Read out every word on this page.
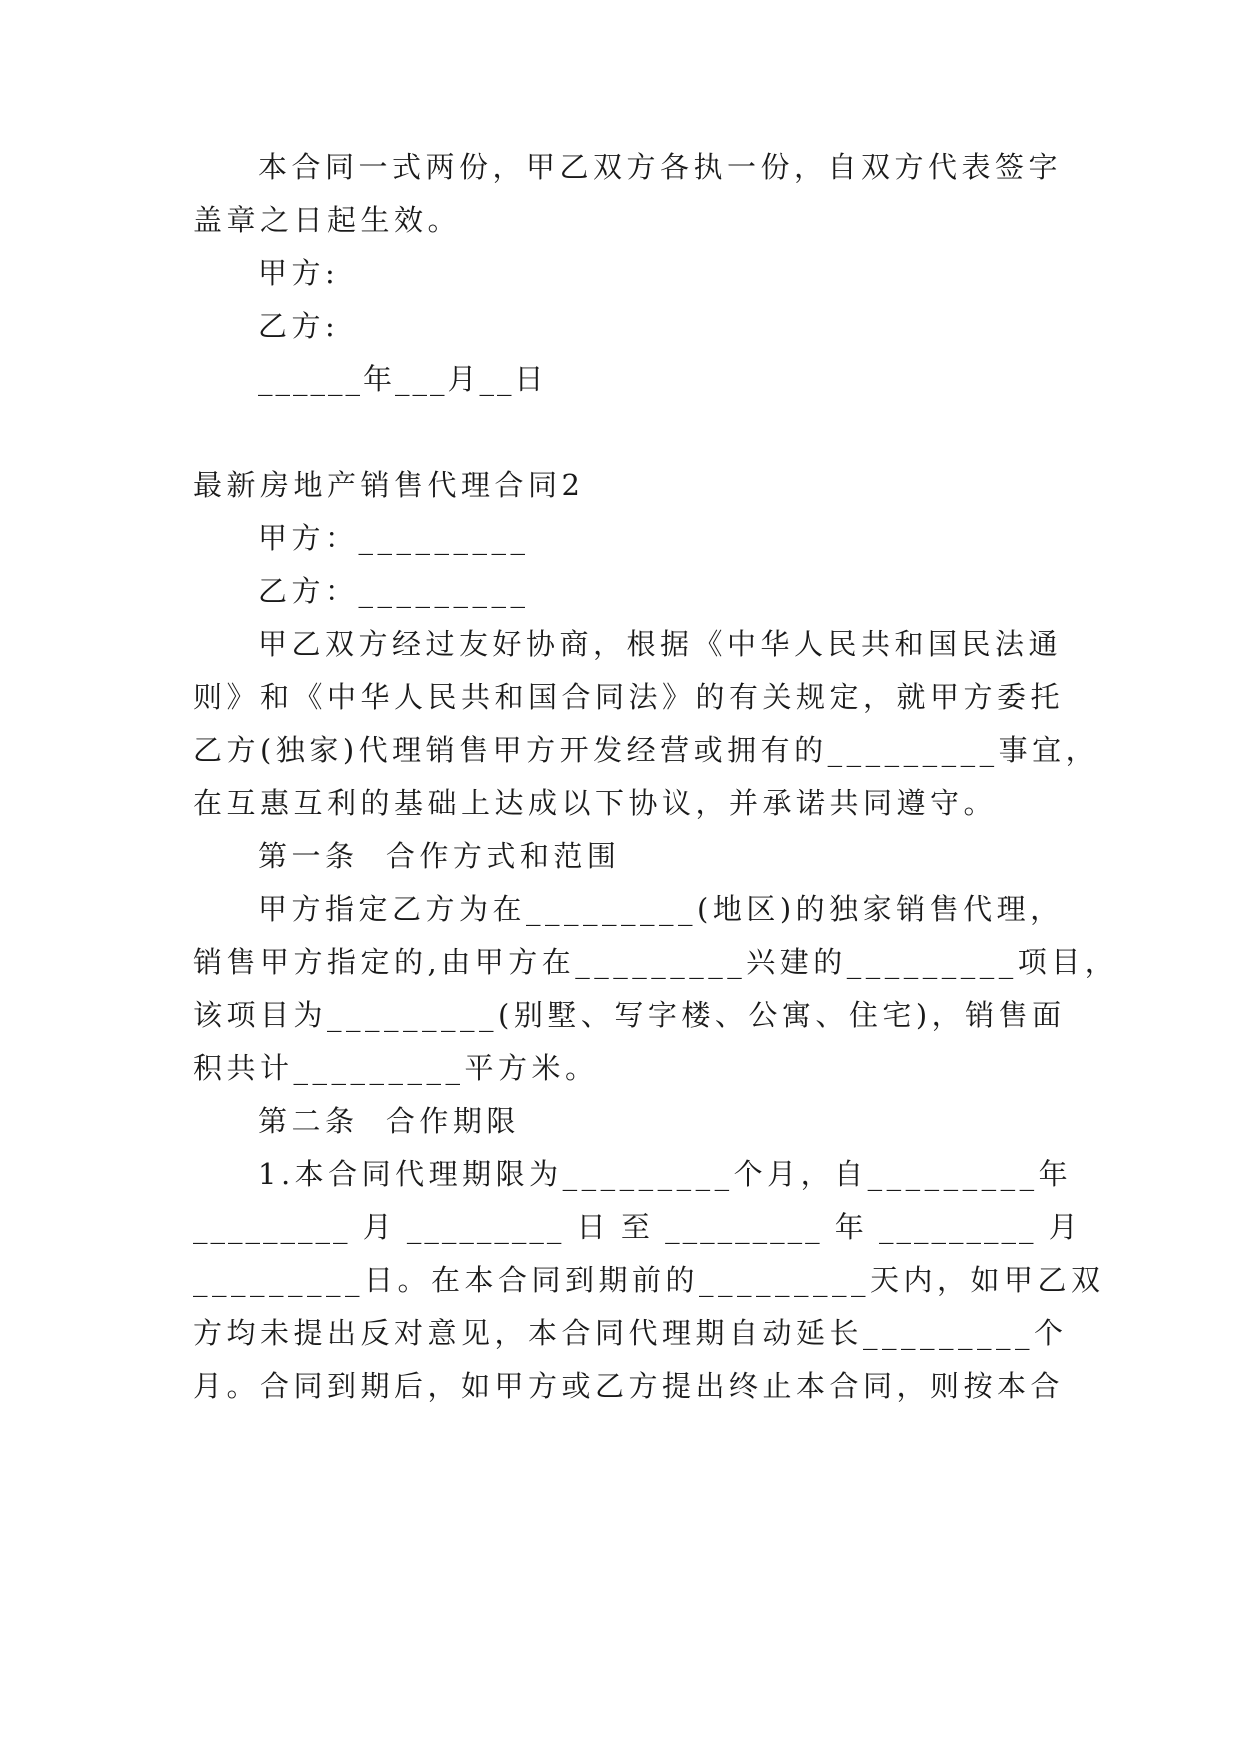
本合同一式两份，甲乙双方各执一份，自双方代表签字
盖章之日起生效。
甲方:
乙方:
______年___月__日
最新房地产销售代理合同2
甲方：_________
乙方：_________
甲乙双方经过友好协商，根据《中华人民共和国民法通
则》和《中华人民共和国合同法》的有关规定，就甲方委托
乙方(独家)代理销售甲方开发经营或拥有的_________事宜，
在互惠互利的基础上达成以下协议，并承诺共同遵守。
第一条  合作方式和范围
甲方指定乙方为在_________(地区)的独家销售代理，
销售甲方指定的,由甲方在_________兴建的_________项目，
该项目为_________(别墅、写字楼、公寓、住宅)，销售面
积共计_________平方米。
第二条  合作期限
1.本合同代理期限为_________个月，自_________年
_________ 月 _________ 日 至 _________ 年 _________ 月
_________日。在本合同到期前的_________天内，如甲乙双
方均未提出反对意见，本合同代理期自动延长_________个
月。合同到期后，如甲方或乙方提出终止本合同，则按本合
